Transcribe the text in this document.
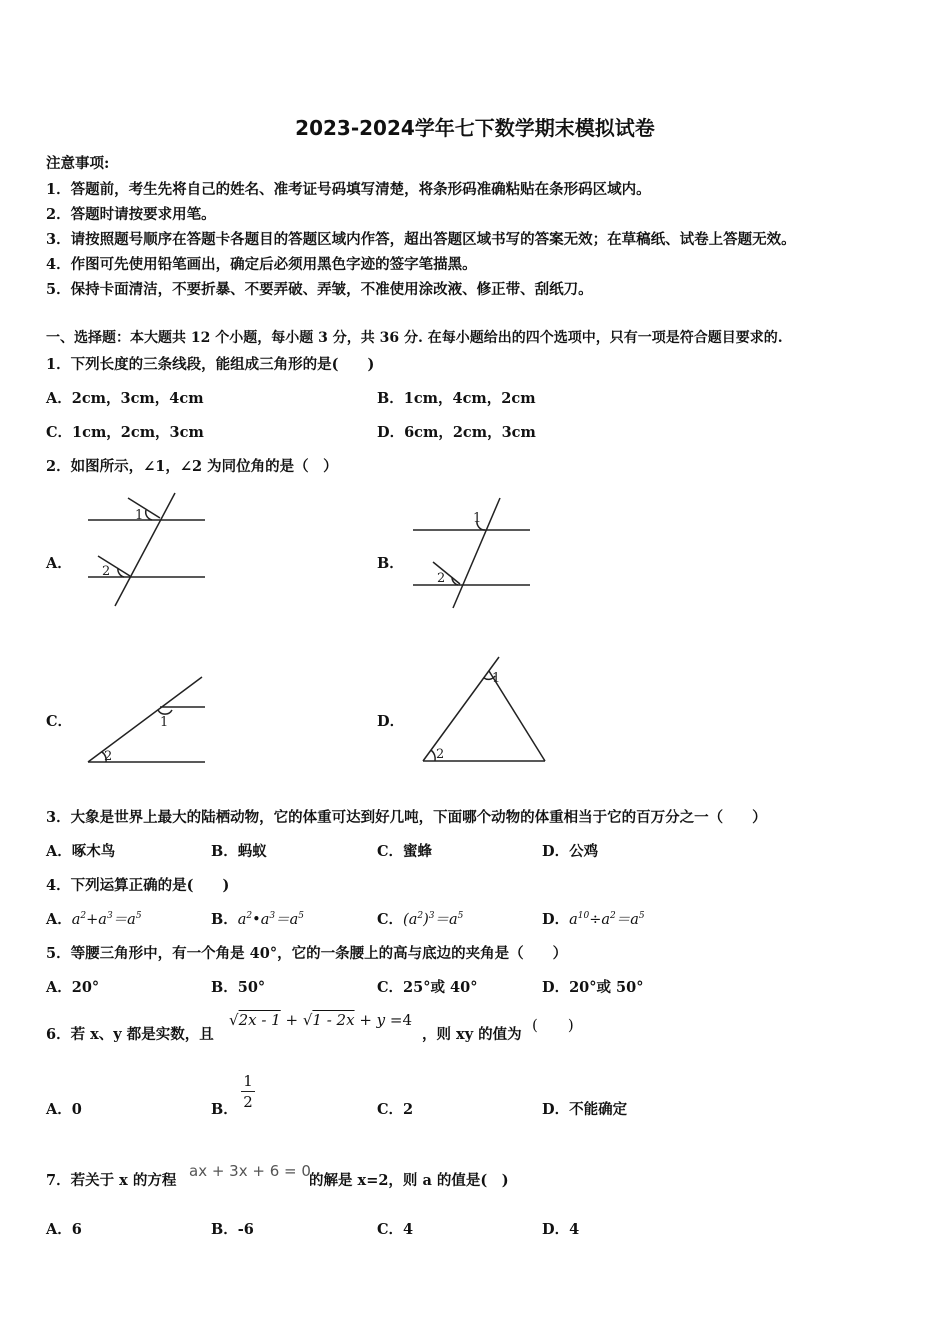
2023-2024学年七下数学期末模拟试卷
注意事项:
1．答题前，考生先将自己的姓名、准考证号码填写清楚，将条形码准确粘贴在条形码区域内。
2．答题时请按要求用笔。
3．请按照题号顺序在答题卡各题目的答题区域内作答，超出答题区域书写的答案无效；在草稿纸、试卷上答题无效。
4．作图可先使用铅笔画出，确定后必须用黑色字迹的签字笔描黑。
5．保持卡面清洁，不要折暴、不要弄破、弄皱，不准使用涂改液、修正带、刮纸刀。
一、选择题：本大题共 12 个小题，每小题 3 分，共 36 分. 在每小题给出的四个选项中，只有一项是符合题目要求的.
1．下列长度的三条线段，能组成三角形的是(　　)
A．2cm，3cm，4cm	B．1cm，4cm，2cm
C．1cm，2cm，3cm	D．6cm，2cm，3cm
2．如图所示，∠1，∠2 为同位角的是（　）
A．
1
2	B．
1
2
C．	1
2
D．
1
2
3．大象是世界上最大的陆栖动物，它的体重可达到好几吨，下面哪个动物的体重相当于它的百万分之一（　　）
A．啄木鸟	B．蚂蚁	C．蜜蜂	D．公鸡
4．下列运算正确的是(　　)
A．$a^2+a^3=a^5$	B．$a^2•a^3=a^5$	C．$(a^2)^3=a^5$	D．$a^{10}\div a^2=a^5$
5．等腰三角形中，有一个角是 40°，它的一条腰上的高与底边的夹角是（　　）
A．20°	B．50°	C．25°或 40°	D．20°或 50°
6．若 x、y 都是实数，且
√2x - 1 + √1 - 2x + y =4
，则 xy 的值为
(　　)
A．0	B． $\frac{1}{2}$	C．2	D．不能确定
7．若关于 x 的方程
ax + 3x + 6 = 0
的解是 x=2，则 a 的值是(　)
A．6	B．-6	C．4	D．4
